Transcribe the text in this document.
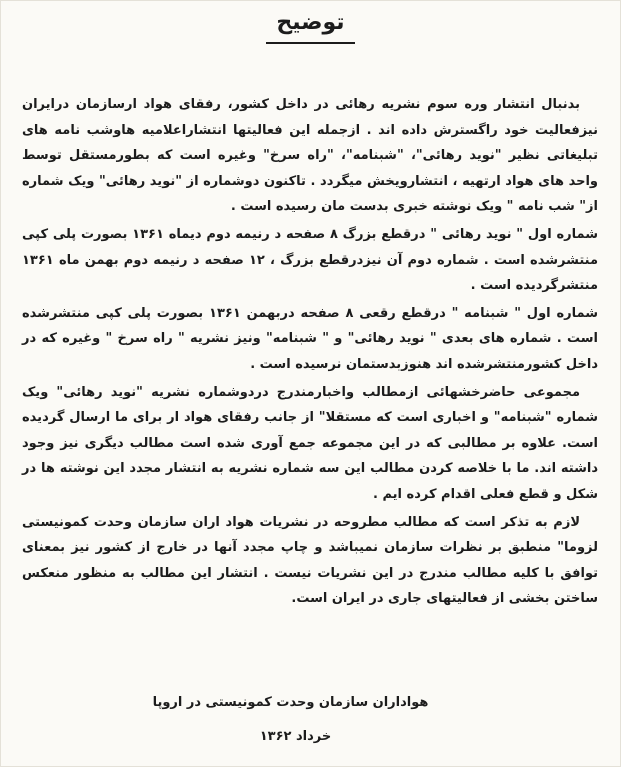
توضیح

بدنبال انتشار وره سوم نشریه رهائی در داخل کشور، رفقای هواد ارسازمان درایران نیزفعالیت خود راگسترش داده اند . ازجمله این فعالیتها انتشاراعلامیه هاوشب نامه های تبلیغاتی نظیر "نوید رهائی"، "شبنامه"، "راه سرخ" وغیره است که بطورمستقل توسط واحد های هواد ارتهیه ، انتشارویخش میگردد . تاکنون دوشماره از "نوید رهائی" ویک شماره از" شب نامه " ویک نوشته خبری بدست مان رسیده است .

شماره اول " نوید رهائی " درقطع بزرگ ۸ صفحه د رنیمه دوم دیماه ۱۳۶۱ بصورت پلی کپی منتشرشده است . شماره دوم آن نیزدرقطع بزرگ ، ۱۲ صفحه د رنیمه دوم بهمن ماه ۱۳۶۱ منتشرگردیده است .

شماره اول " شبنامه " درقطع رقعی ۸ صفحه دربهمن ۱۳۶۱ بصورت پلی کپی منتشرشده است . شماره های بعدی " نوید رهائی" و " شبنامه" ونیز نشریه " راه سرخ " وغیره که در داخل کشورمنتشرشده اند هنوزبدستمان نرسیده است .

مجموعی حاضرخشهائی ازمطالب واخبارمندرج دردوشماره نشریه "نوید رهائی" ویک شماره "شبنامه" و اخباری است که مستقلا" از جانب رفقای هواد ار برای ما ارسال گردیده است. علاوه بر مطالبی که در این مجموعه جمع آوری شده است مطالب دیگری نیز وجود داشته اند. ما با خلاصه کردن مطالب این سه شماره نشریه به انتشار مجدد این نوشته ها در شکل و قطع فعلی اقدام کرده ایم .

لازم به تذکر است که مطالب مطروحه در نشریات هواد اران سازمان وحدت کمونیستی لزوما" منطبق بر نظرات سازمان نمیباشد و چاپ مجدد آنها در خارج از کشور نیز بمعنای توافق با کلیه مطالب مندرج در این نشریات نیست . انتشار این مطالب به منظور منعکس ساختن بخشی از فعالیتهای جاری در ایران است.

هواداران سازمان وحدت کمونیستی در اروپا
خرداد ۱۳۶۲
